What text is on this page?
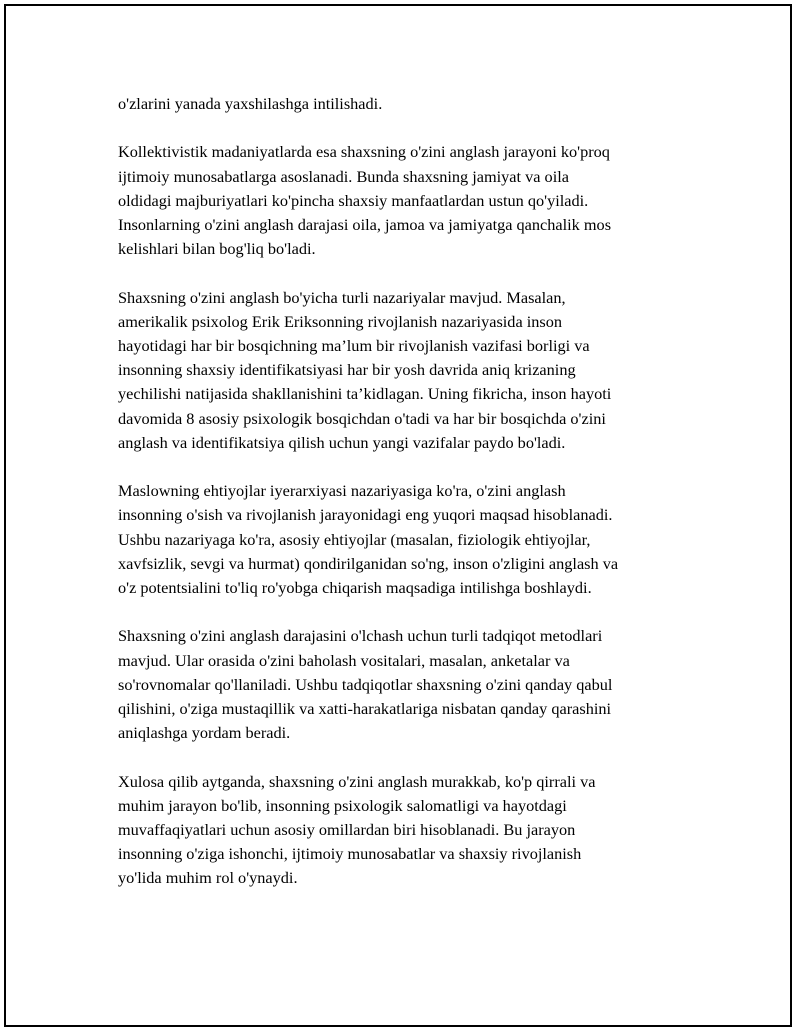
o'zlarini yanada yaxshilashga intilishadi.

Kollektivistik madaniyatlarda esa shaxsning o'zini anglash jarayoni ko'proq
ijtimoiy munosabatlarga asoslanadi. Bunda shaxsning jamiyat va oila
oldidagi majburiyatlari ko'pincha shaxsiy manfaatlardan ustun qo'yiladi.
Insonlarning o'zini anglash darajasi oila, jamoa va jamiyatga qanchalik mos
kelishlari bilan bog'liq bo'ladi.

Shaxsning o'zini anglash bo'yicha turli nazariyalar mavjud. Masalan,
amerikalik psixolog Erik Eriksonning rivojlanish nazariyasida inson
hayotidagi har bir bosqichning ma’lum bir rivojlanish vazifasi borligi va
insonning shaxsiy identifikatsiyasi har bir yosh davrida aniq krizaning
yechilishi natijasida shakllanishini ta’kidlagan. Uning fikricha, inson hayoti
davomida 8 asosiy psixologik bosqichdan o'tadi va har bir bosqichda o'zini
anglash va identifikatsiya qilish uchun yangi vazifalar paydo bo'ladi.

Maslowning ehtiyojlar iyerarxiyasi nazariyasiga ko'ra, o'zini anglash
insonning o'sish va rivojlanish jarayonidagi eng yuqori maqsad hisoblanadi.
Ushbu nazariyaga ko'ra, asosiy ehtiyojlar (masalan, fiziologik ehtiyojlar,
xavfsizlik, sevgi va hurmat) qondirilganidan so'ng, inson o'zligini anglash va
o'z potentsialini to'liq ro'yobga chiqarish maqsadiga intilishga boshlaydi.

Shaxsning o'zini anglash darajasini o'lchash uchun turli tadqiqot metodlari
mavjud. Ular orasida o'zini baholash vositalari, masalan, anketalar va
so'rovnomalar qo'llaniladi. Ushbu tadqiqotlar shaxsning o'zini qanday qabul
qilishini, o'ziga mustaqillik va xatti-harakatlariga nisbatan qanday qarashini
aniqlashga yordam beradi.

Xulosa qilib aytganda, shaxsning o'zini anglash murakkab, ko'p qirrali va
muhim jarayon bo'lib, insonning psixologik salomatligi va hayotdagi
muvaffaqiyatlari uchun asosiy omillardan biri hisoblanadi. Bu jarayon
insonning o'ziga ishonchi, ijtimoiy munosabatlar va shaxsiy rivojlanish
yo'lida muhim rol o'ynaydi.
